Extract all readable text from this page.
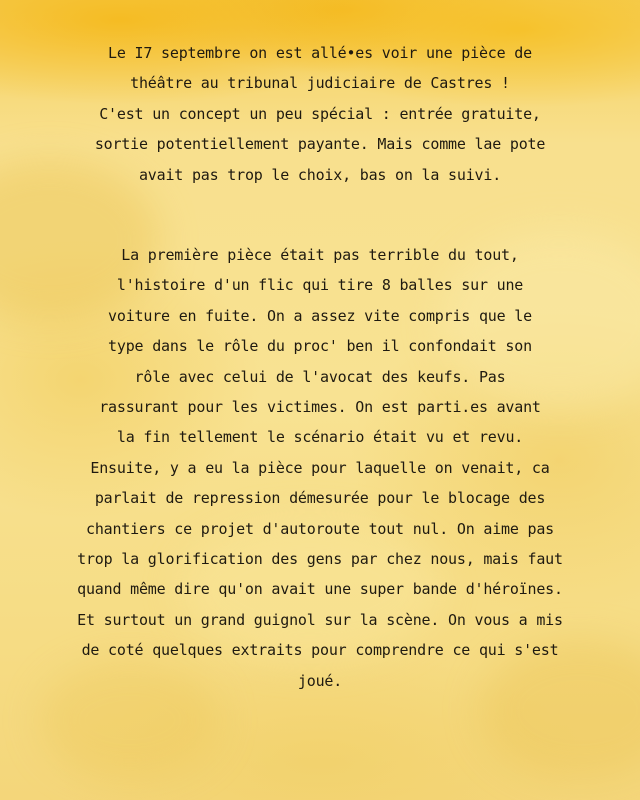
Le I7 septembre on est allé•es voir une pièce de
théâtre au tribunal judiciaire de Castres !
C'est un concept un peu spécial : entrée gratuite,
sortie potentiellement payante. Mais comme lae pote
avait pas trop le choix, bas on la suivi.

La première pièce était pas terrible du tout,
l'histoire d'un flic qui tire 8 balles sur une
voiture en fuite. On a assez vite compris que le
type dans le rôle du proc' ben il confondait son
rôle avec celui de l'avocat des keufs. Pas
rassurant pour les victimes. On est parti.es avant
la fin tellement le scénario était vu et revu.
Ensuite, y a eu la pièce pour laquelle on venait, ca
parlait de repression démesurée pour le blocage des
chantiers ce projet d'autoroute tout nul. On aime pas
trop la glorification des gens par chez nous, mais faut
quand même dire qu'on avait une super bande d'héroïnes.
Et surtout un grand guignol sur la scène. On vous a mis
de coté quelques extraits pour comprendre ce qui s'est
joué.
